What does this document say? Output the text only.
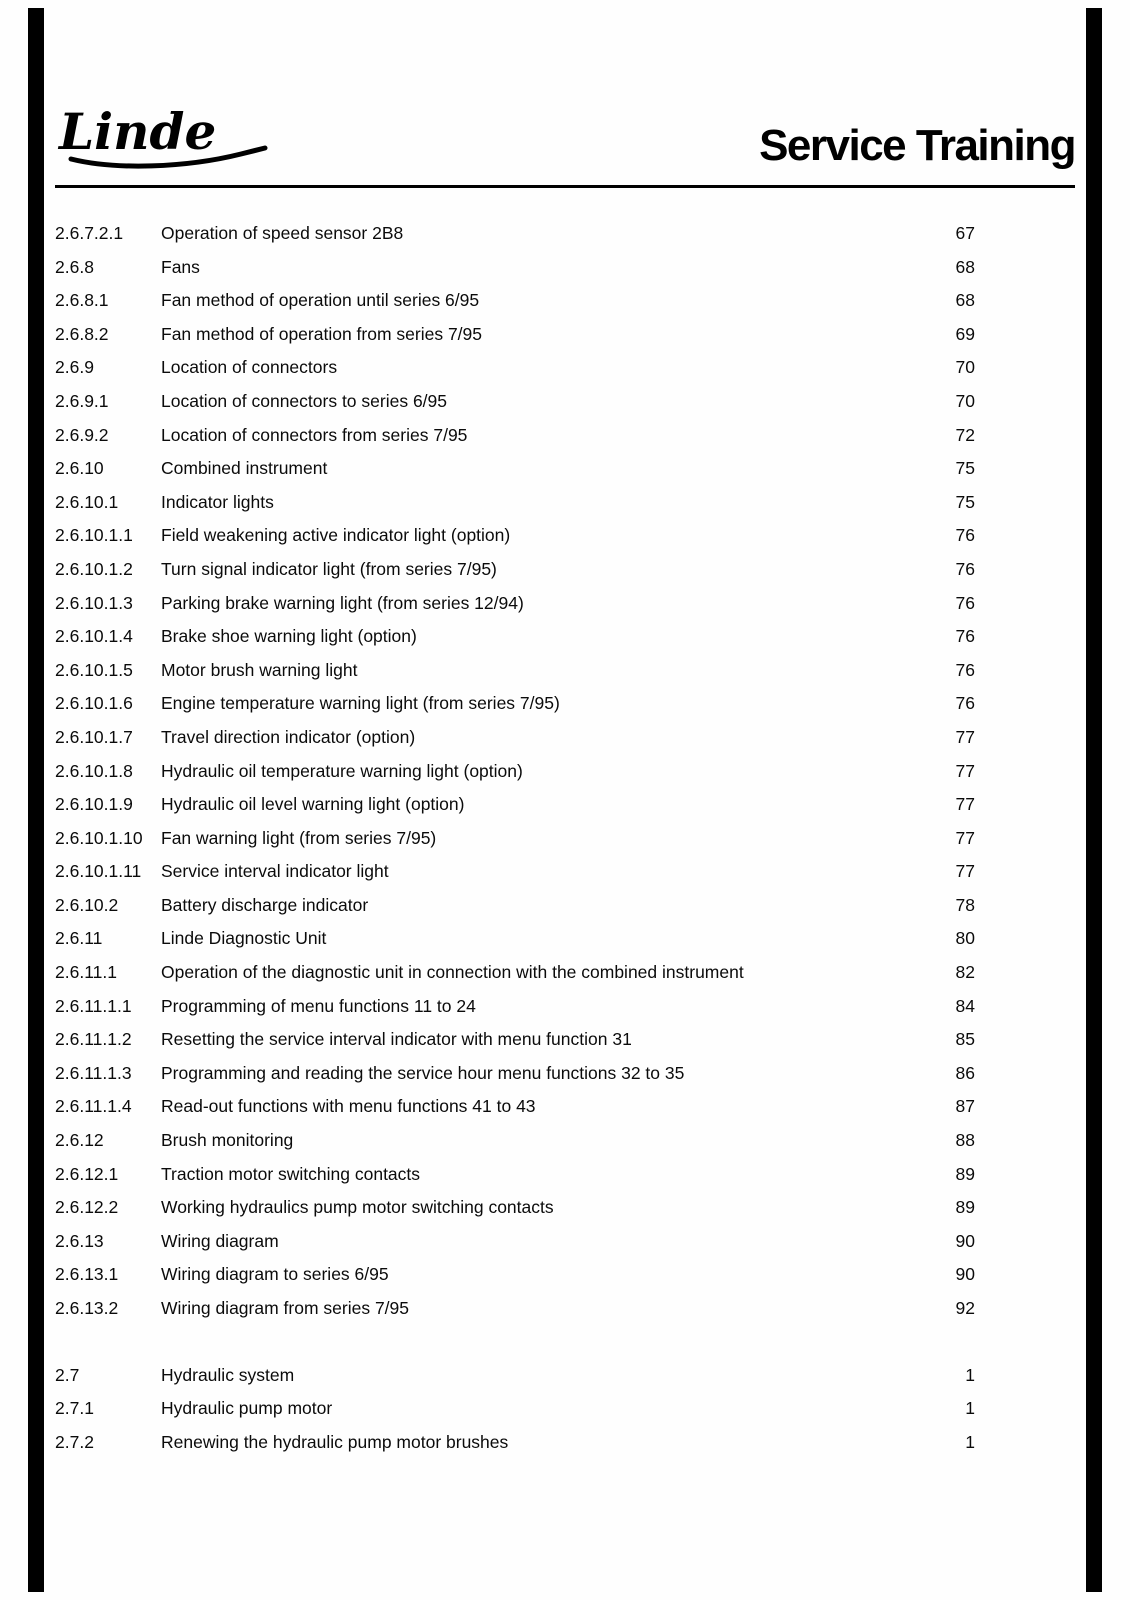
Linde	Service Training
2.6.7.2.1	Operation of speed sensor 2B8	67
2.6.8	Fans	68
2.6.8.1	Fan method of operation until series 6/95	68
2.6.8.2	Fan method of operation from series 7/95	69
2.6.9	Location of connectors	70
2.6.9.1	Location of connectors to series 6/95	70
2.6.9.2	Location of connectors from series 7/95	72
2.6.10	Combined instrument	75
2.6.10.1	Indicator lights	75
2.6.10.1.1	Field weakening active indicator light (option)	76
2.6.10.1.2	Turn signal indicator light (from series 7/95)	76
2.6.10.1.3	Parking brake warning light (from series 12/94)	76
2.6.10.1.4	Brake shoe warning light (option)	76
2.6.10.1.5	Motor brush warning light	76
2.6.10.1.6	Engine temperature warning light (from series 7/95)	76
2.6.10.1.7	Travel direction indicator (option)	77
2.6.10.1.8	Hydraulic oil temperature warning light (option)	77
2.6.10.1.9	Hydraulic oil level warning light (option)	77
2.6.10.1.10	Fan warning light (from series 7/95)	77
2.6.10.1.11	Service interval indicator light	77
2.6.10.2	Battery discharge indicator	78
2.6.11	Linde Diagnostic Unit	80
2.6.11.1	Operation of the diagnostic unit in connection with the combined instrument	82
2.6.11.1.1	Programming of menu functions 11 to 24	84
2.6.11.1.2	Resetting the service interval indicator with menu function 31	85
2.6.11.1.3	Programming and reading the service hour menu functions 32 to 35	86
2.6.11.1.4	Read-out functions with menu functions 41 to 43	87
2.6.12	Brush monitoring	88
2.6.12.1	Traction motor switching contacts	89
2.6.12.2	Working hydraulics pump motor switching contacts	89
2.6.13	Wiring diagram	90
2.6.13.1	Wiring diagram to series 6/95	90
2.6.13.2	Wiring diagram from series 7/95	92
2.7	Hydraulic system	1
2.7.1	Hydraulic pump motor	1
2.7.2	Renewing the hydraulic pump motor brushes	1
